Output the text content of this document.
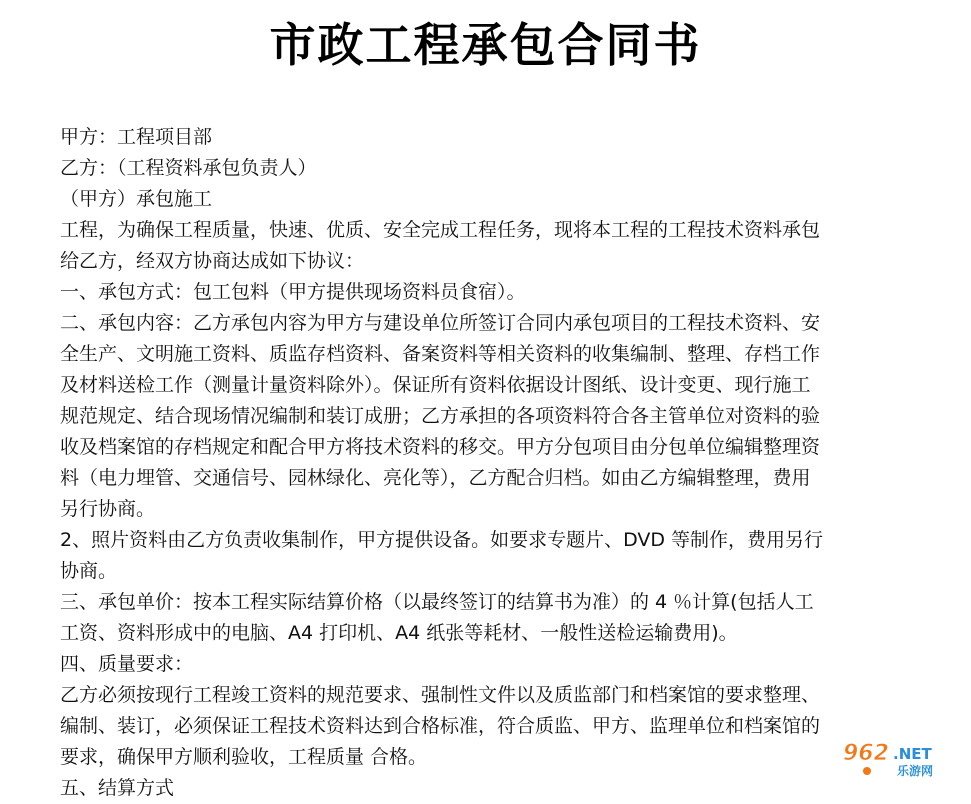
市政工程承包合同书
甲方：工程项目部
乙方：（工程资料承包负责人）
（甲方）承包施工
工程，为确保工程质量，快速、优质、安全完成工程任务，现将本工程的工程技术资料承包
给乙方，经双方协商达成如下协议：
一、承包方式：包工包料（甲方提供现场资料员食宿）。
二、承包内容：乙方承包内容为甲方与建设单位所签订合同内承包项目的工程技术资料、安
全生产、文明施工资料、质监存档资料、备案资料等相关资料的收集编制、整理、存档工作
及材料送检工作（测量计量资料除外）。保证所有资料依据设计图纸、设计变更、现行施工
规范规定、结合现场情况编制和装订成册；乙方承担的各项资料符合各主管单位对资料的验
收及档案馆的存档规定和配合甲方将技术资料的移交。甲方分包项目由分包单位编辑整理资
料（电力埋管、交通信号、园林绿化、亮化等），乙方配合归档。如由乙方编辑整理，费用
另行协商。
2、照片资料由乙方负责收集制作，甲方提供设备。如要求专题片、DVD 等制作，费用另行
协商。
三、承包单价：按本工程实际结算价格（以最终签订的结算书为准）的 4 ％计算(包括人工
工资、资料形成中的电脑、A4 打印机、A4 纸张等耗材、一般性送检运输费用)。
四、质量要求：
乙方必须按现行工程竣工资料的规范要求、强制性文件以及质监部门和档案馆的要求整理、
编制、装订，必须保证工程技术资料达到合格标准，符合质监、甲方、监理单位和档案馆的
要求，确保甲方顺利验收，工程质量 合格。
五、结算方式
962 .NET
乐游网
